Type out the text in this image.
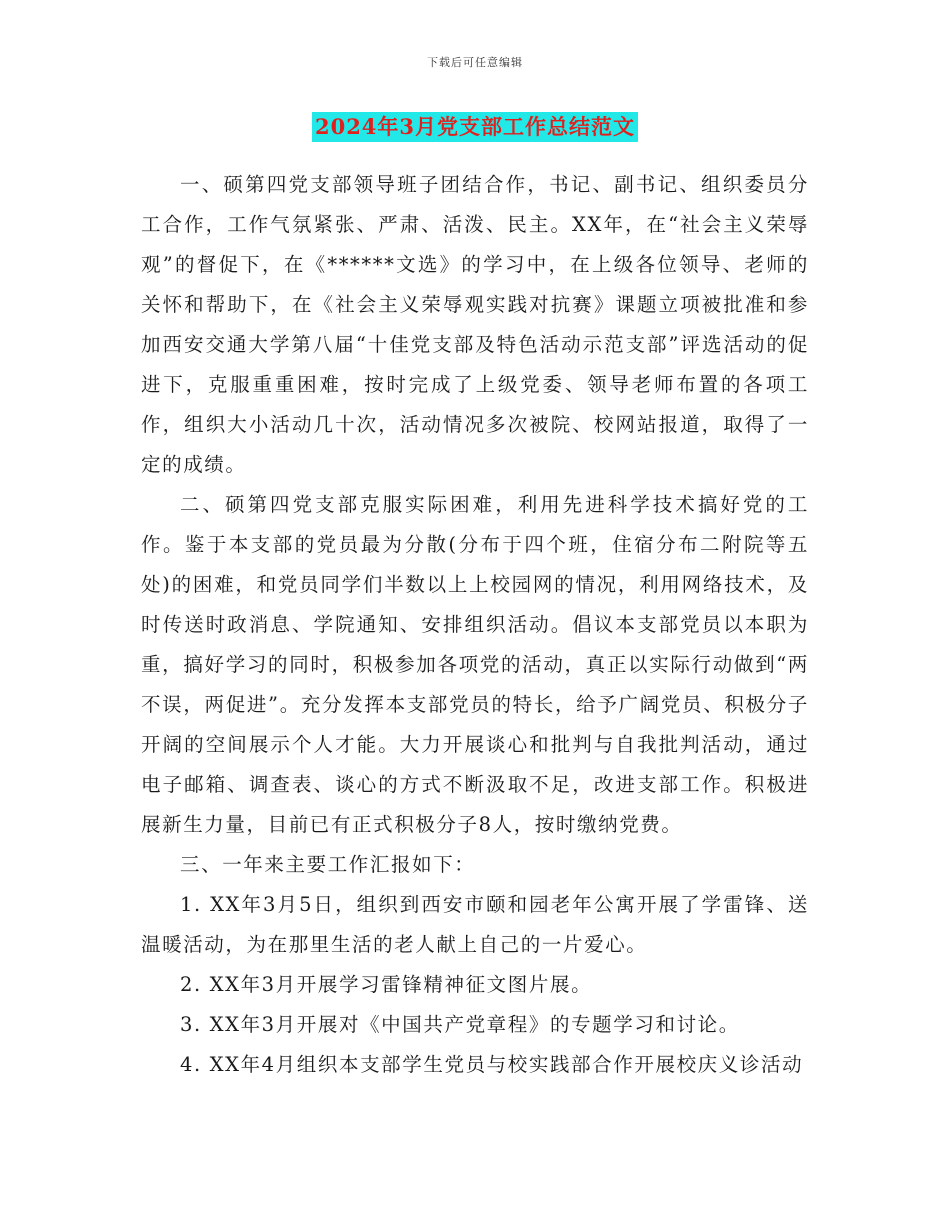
下载后可任意编辑
2024年3月党支部工作总结范文

一、硕第四党支部领导班子团结合作，书记、副书记、组织委员分工合作，工作气氛紧张、严肃、活泼、民主。XX年，在“社会主义荣辱观”的督促下，在《******文选》的学习中，在上级各位领导、老师的关怀和帮助下，在《社会主义荣辱观实践对抗赛》课题立项被批准和参加西安交通大学第八届“十佳党支部及特色活动示范支部”评选活动的促进下，克服重重困难，按时完成了上级党委、领导老师布置的各项工作，组织大小活动几十次，活动情况多次被院、校网站报道，取得了一定的成绩。

二、硕第四党支部克服实际困难，利用先进科学技术搞好党的工作。鉴于本支部的党员最为分散(分布于四个班，住宿分布二附院等五处)的困难，和党员同学们半数以上上校园网的情况，利用网络技术，及时传送时政消息、学院通知、安排组织活动。倡议本支部党员以本职为重，搞好学习的同时，积极参加各项党的活动，真正以实际行动做到“两不误，两促进”。充分发挥本支部党员的特长，给予广阔党员、积极分子开阔的空间展示个人才能。大力开展谈心和批判与自我批判活动，通过电子邮箱、调查表、谈心的方式不断汲取不足，改进支部工作。积极进展新生力量，目前已有正式积极分子8人，按时缴纳党费。

三、一年来主要工作汇报如下：

1. XX年3月5日，组织到西安市颐和园老年公寓开展了学雷锋、送温暖活动，为在那里生活的老人献上自己的一片爱心。

2. XX年3月开展学习雷锋精神征文图片展。

3. XX年3月开展对《中国共产党章程》的专题学习和讨论。

4. XX年4月组织本支部学生党员与校实践部合作开展校庆义诊活动
